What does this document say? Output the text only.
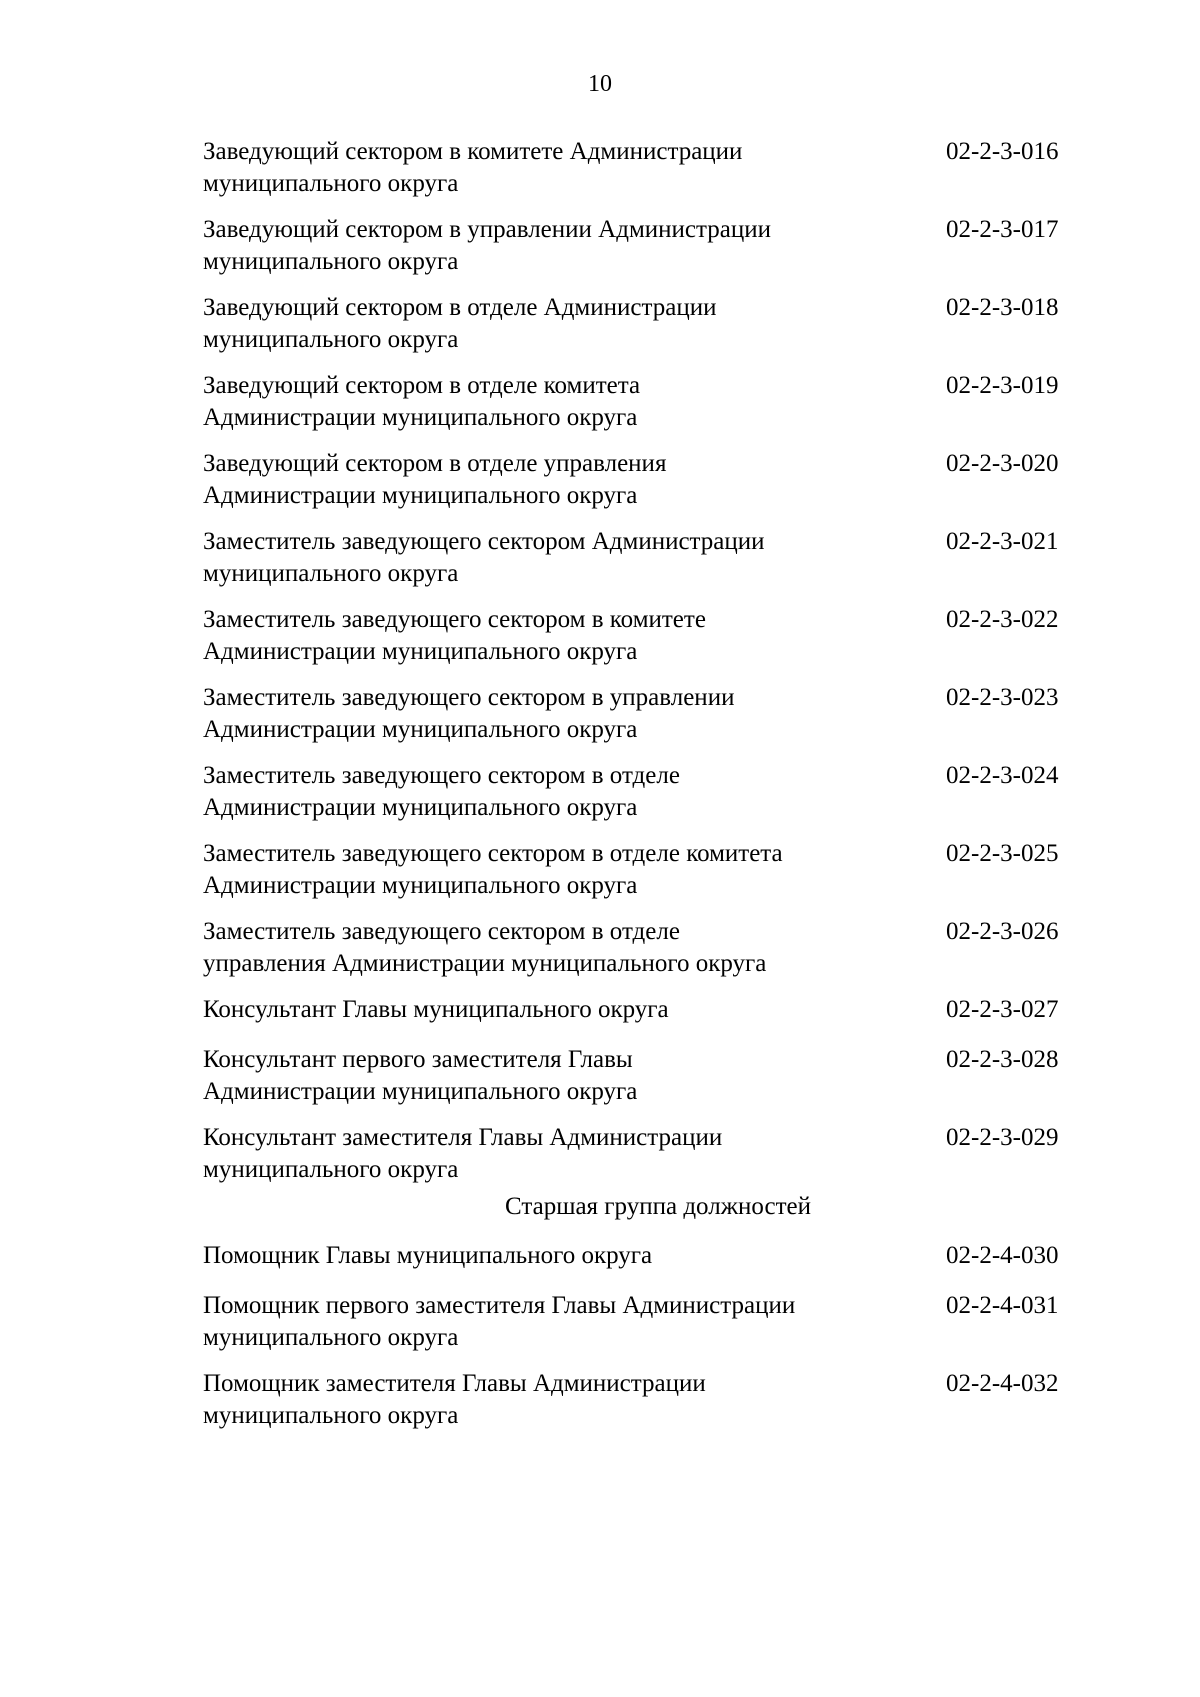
10
Заведующий сектором в комитете Администрации
муниципального округа
02-2-3-016
Заведующий сектором в управлении Администрации
муниципального округа
02-2-3-017
Заведующий сектором в отделе Администрации
муниципального округа
02-2-3-018
Заведующий сектором в отделе комитета
Администрации муниципального округа
02-2-3-019
Заведующий сектором в отделе управления
Администрации муниципального округа
02-2-3-020
Заместитель заведующего сектором Администрации
муниципального округа
02-2-3-021
Заместитель заведующего сектором в комитете
Администрации муниципального округа
02-2-3-022
Заместитель заведующего сектором в управлении
Администрации муниципального округа
02-2-3-023
Заместитель заведующего сектором в отделе
Администрации муниципального округа
02-2-3-024
Заместитель заведующего сектором в отделе комитета
Администрации муниципального округа
02-2-3-025
Заместитель заведующего сектором в отделе
управления Администрации муниципального округа
02-2-3-026
Консультант Главы муниципального округа	02-2-3-027
Консультант первого заместителя Главы
Администрации муниципального округа
02-2-3-028
Консультант заместителя Главы Администрации
муниципального округа
02-2-3-029
Старшая группа должностей
Помощник Главы муниципального округа	02-2-4-030
Помощник первого заместителя Главы Администрации
муниципального округа
02-2-4-031
Помощник заместителя Главы Администрации
муниципального округа
02-2-4-032
